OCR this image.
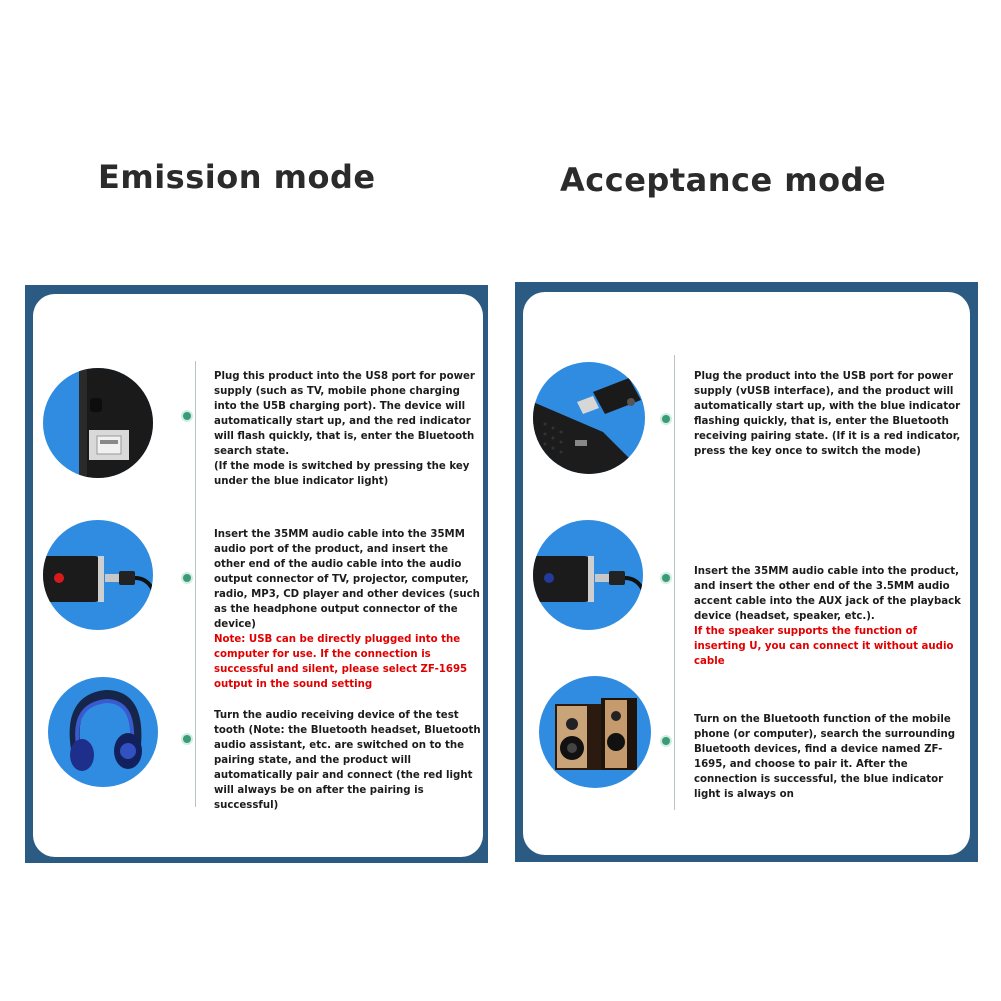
Emission mode	Acceptance mode
Plug this product into the US8 port for power supply (such as TV, mobile phone charging into the U5B charging port). The device will automatically start up, and the red indicator will flash quickly, that is, enter the Bluetooth search state.
(If the mode is switched by pressing the key under the blue indicator light)
Insert the 35MM audio cable into the 35MM audio port of the product, and insert the other end of the audio cable into the audio output connector of TV, projector, computer, radio, MP3, CD player and other devices (such as the headphone output connector of the device)
Note: USB can be directly plugged into the computer for use. If the connection is successful and silent, please select ZF-1695 output in the sound setting
Turn the audio receiving device of the test tooth (Note: the Bluetooth headset, Bluetooth audio assistant, etc. are switched on to the pairing state, and the product will automatically pair and connect (the red light will always be on after the pairing is successful)
Plug the product into the USB port for power supply (vUSB interface), and the product will automatically start up, with the blue indicator flashing quickly, that is, enter the Bluetooth receiving pairing state. (If it is a red indicator, press the key once to switch the mode)
Insert the 35MM audio cable into the product, and insert the other end of the 3.5MM audio accent cable into the AUX jack of the playback device (headset, speaker, etc.).
If the speaker supports the function of inserting U, you can connect it without audio cable
Turn on the Bluetooth function of the mobile phone (or computer), search the surrounding Bluetooth devices, find a device named ZF-1695, and choose to pair it. After the connection is successful, the blue indicator light is always on
